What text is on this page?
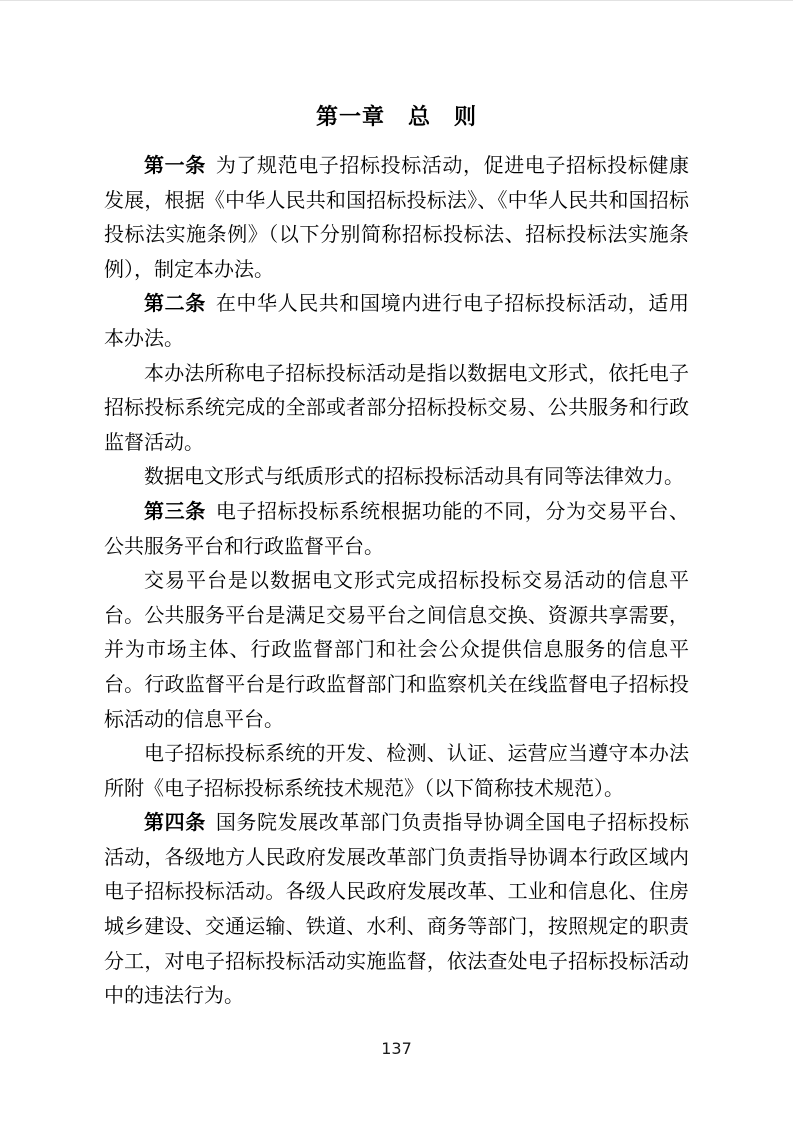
第一章　总　则

第一条 为了规范电子招标投标活动，促进电子招标投标健康发展，根据《中华人民共和国招标投标法》、《中华人民共和国招标投标法实施条例》（以下分别简称招标投标法、招标投标法实施条例），制定本办法。

第二条 在中华人民共和国境内进行电子招标投标活动，适用本办法。

本办法所称电子招标投标活动是指以数据电文形式，依托电子招标投标系统完成的全部或者部分招标投标交易、公共服务和行政监督活动。

数据电文形式与纸质形式的招标投标活动具有同等法律效力。

第三条 电子招标投标系统根据功能的不同，分为交易平台、公共服务平台和行政监督平台。

交易平台是以数据电文形式完成招标投标交易活动的信息平台。公共服务平台是满足交易平台之间信息交换、资源共享需要，并为市场主体、行政监督部门和社会公众提供信息服务的信息平台。行政监督平台是行政监督部门和监察机关在线监督电子招标投标活动的信息平台。

电子招标投标系统的开发、检测、认证、运营应当遵守本办法所附《电子招标投标系统技术规范》（以下简称技术规范）。

第四条 国务院发展改革部门负责指导协调全国电子招标投标活动，各级地方人民政府发展改革部门负责指导协调本行政区域内电子招标投标活动。各级人民政府发展改革、工业和信息化、住房城乡建设、交通运输、铁道、水利、商务等部门，按照规定的职责分工，对电子招标投标活动实施监督，依法查处电子招标投标活动中的违法行为。

137
